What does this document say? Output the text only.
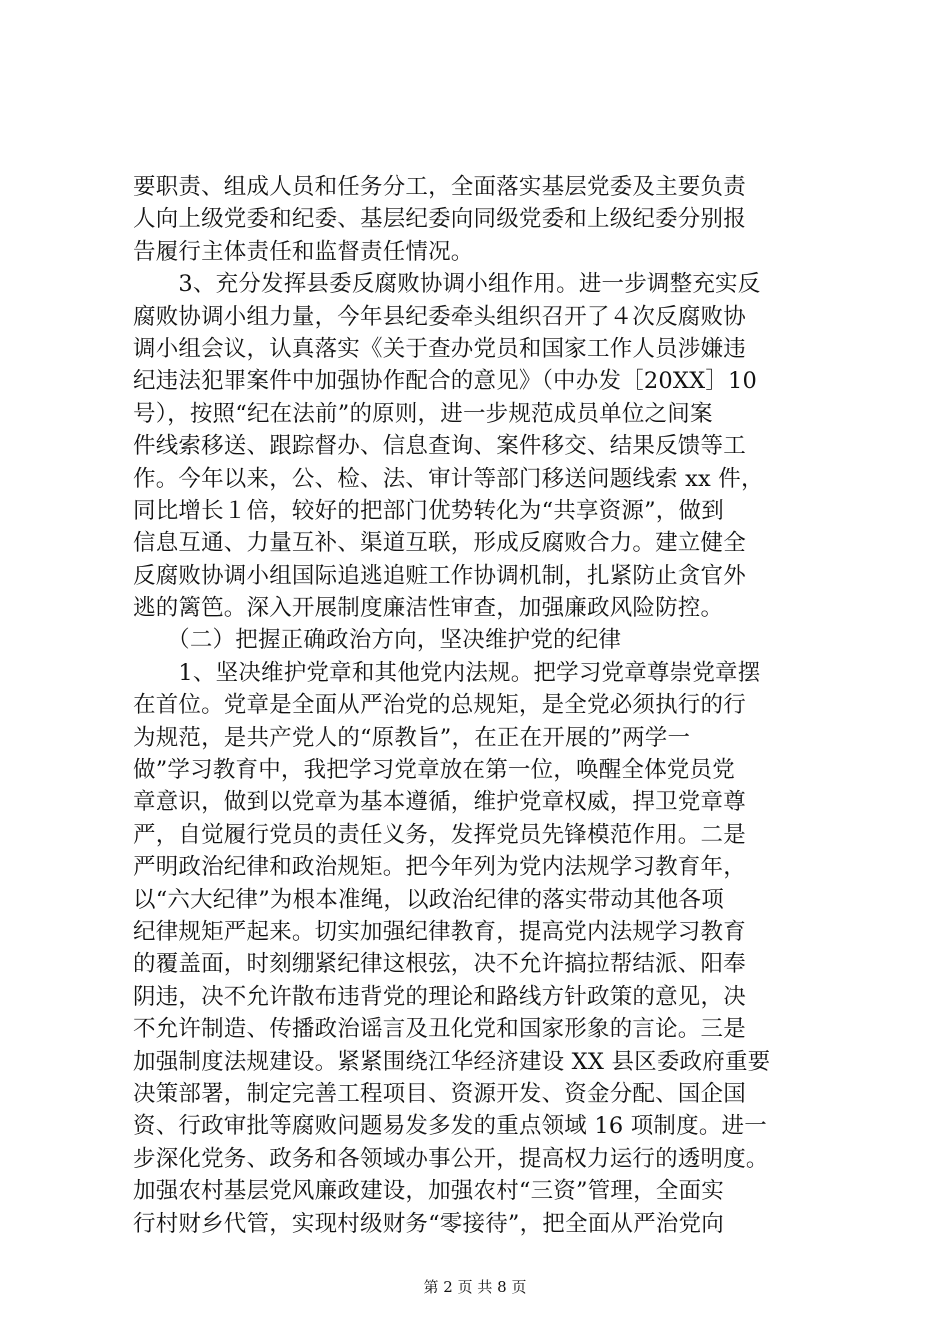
要职责、组成人员和任务分工，全面落实基层党委及主要负责
人向上级党委和纪委、基层纪委向同级党委和上级纪委分别报
告履行主体责任和监督责任情况。
　　3、充分发挥县委反腐败协调小组作用。进一步调整充实反
腐败协调小组力量，今年县纪委牵头组织召开了４次反腐败协
调小组会议，认真落实《关于查办党员和国家工作人员涉嫌违
纪违法犯罪案件中加强协作配合的意见》（中办发［20XX］10
号），按照“纪在法前”的原则，进一步规范成员单位之间案
件线索移送、跟踪督办、信息查询、案件移交、结果反馈等工
作。今年以来，公、检、法、审计等部门移送问题线索 xx 件，
同比增长１倍，较好的把部门优势转化为“共享资源”，做到
信息互通、力量互补、渠道互联，形成反腐败合力。建立健全
反腐败协调小组国际追逃追赃工作协调机制，扎紧防止贪官外
逃的篱笆。深入开展制度廉洁性审查，加强廉政风险防控。
　　（二）把握正确政治方向，坚决维护党的纪律
　　1、坚决维护党章和其他党内法规。把学习党章尊崇党章摆
在首位。党章是全面从严治党的总规矩，是全党必须执行的行
为规范，是共产党人的“原教旨”，在正在开展的”两学一
做”学习教育中，我把学习党章放在第一位，唤醒全体党员党
章意识，做到以党章为基本遵循，维护党章权威，捍卫党章尊
严，自觉履行党员的责任义务，发挥党员先锋模范作用。二是
严明政治纪律和政治规矩。把今年列为党内法规学习教育年，
以“六大纪律”为根本准绳，以政治纪律的落实带动其他各项
纪律规矩严起来。切实加强纪律教育，提高党内法规学习教育
的覆盖面，时刻绷紧纪律这根弦，决不允许搞拉帮结派、阳奉
阴违，决不允许散布违背党的理论和路线方针政策的意见，决
不允许制造、传播政治谣言及丑化党和国家形象的言论。三是
加强制度法规建设。紧紧围绕江华经济建设 XX 县区委政府重要
决策部署，制定完善工程项目、资源开发、资金分配、国企国
资、行政审批等腐败问题易发多发的重点领域 16 项制度。进一
步深化党务、政务和各领域办事公开，提高权力运行的透明度。
加强农村基层党风廉政建设，加强农村“三资”管理，全面实
行村财乡代管，实现村级财务“零接待”，把全面从严治党向
第 2 页 共 8 页
